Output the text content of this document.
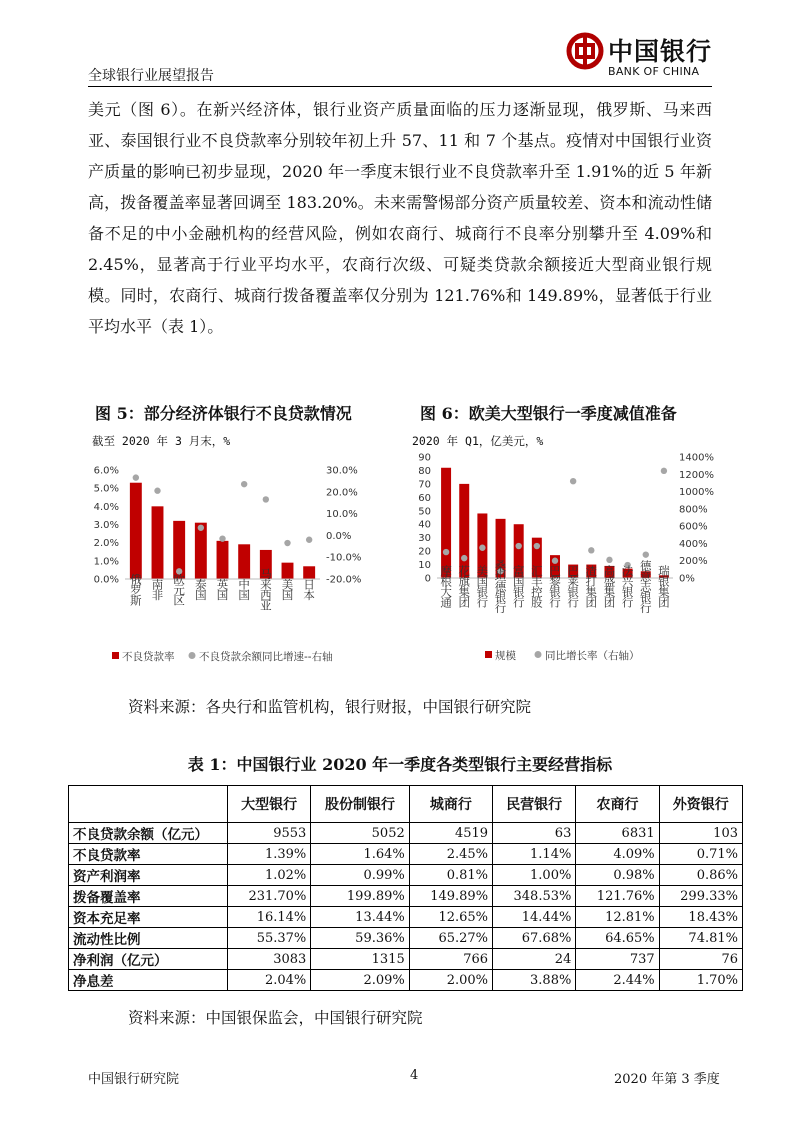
全球银行业展望报告
中国银行
BANK OF CHINA

美元（图 6）。在新兴经济体，银行业资产质量面临的压力逐渐显现，俄罗斯、马来西亚、泰国银行业不良贷款率分别较年初上升 57、11 和 7 个基点。疫情对中国银行业资产质量的影响已初步显现，2020 年一季度末银行业不良贷款率升至 1.91%的近 5 年新高，拨备覆盖率显著回调至 183.20%。未来需警惕部分资产质量较差、资本和流动性储备不足的中小金融机构的经营风险，例如农商行、城商行不良率分别攀升至 4.09%和 2.45%，显著高于行业平均水平，农商行次级、可疑类贷款余额接近大型商业银行规模。同时，农商行、城商行拨备覆盖率仅分别为 121.76%和 149.89%，显著低于行业平均水平（表 1）。

图 5：部分经济体银行不良贷款情况	图 6：欧美大型银行一季度减值准备
截至 2020 年 3 月末，%	2020 年 Q1，亿美元，%
0.0%
1.0%
2.0%
3.0%
4.0%
5.0%
6.0%
-20.0%
-10.0%
0.0%
10.0%
20.0%
30.0%
俄罗斯 南非 欧元区 泰国 英国 中国 马来西亚 美国 日本
不良贷款率 不良贷款余额同比增速--右轴
0
10
20
30
40
50
60
70
80
90
0%
200%
400%
600%
800%
1000%
1200%
1400%
摩根大通 花旗集团 美国银行 桑坦德银行 富国银行 汇丰控股 巴黎银行 巴莱银行 渣打集团 高盛集团 法兴银行 德意志银行 瑞银集团
规模	同比增长率（右轴）
资料来源：各央行和监管机构，银行财报，中国银行研究院
表 1：中国银行业 2020 年一季度各类型银行主要经营指标
	大型银行	股份制银行	城商行	民营银行	农商行	外资银行
不良贷款余额（亿元）	9553	5052	4519	63	6831	103
不良贷款率	1.39%	1.64%	2.45%	1.14%	4.09%	0.71%
资产利润率	1.02%	0.99%	0.81%	1.00%	0.98%	0.86%
拨备覆盖率	231.70%	199.89%	149.89%	348.53%	121.76%	299.33%
资本充足率	16.14%	13.44%	12.65%	14.44%	12.81%	18.43%
流动性比例	55.37%	59.36%	65.27%	67.68%	64.65%	74.81%
净利润（亿元）	3083	1315	766	24	737	76
净息差	2.04%	2.09%	2.00%	3.88%	2.44%	1.70%
资料来源：中国银保监会，中国银行研究院
中国银行研究院	4	2020 年第 3 季度
